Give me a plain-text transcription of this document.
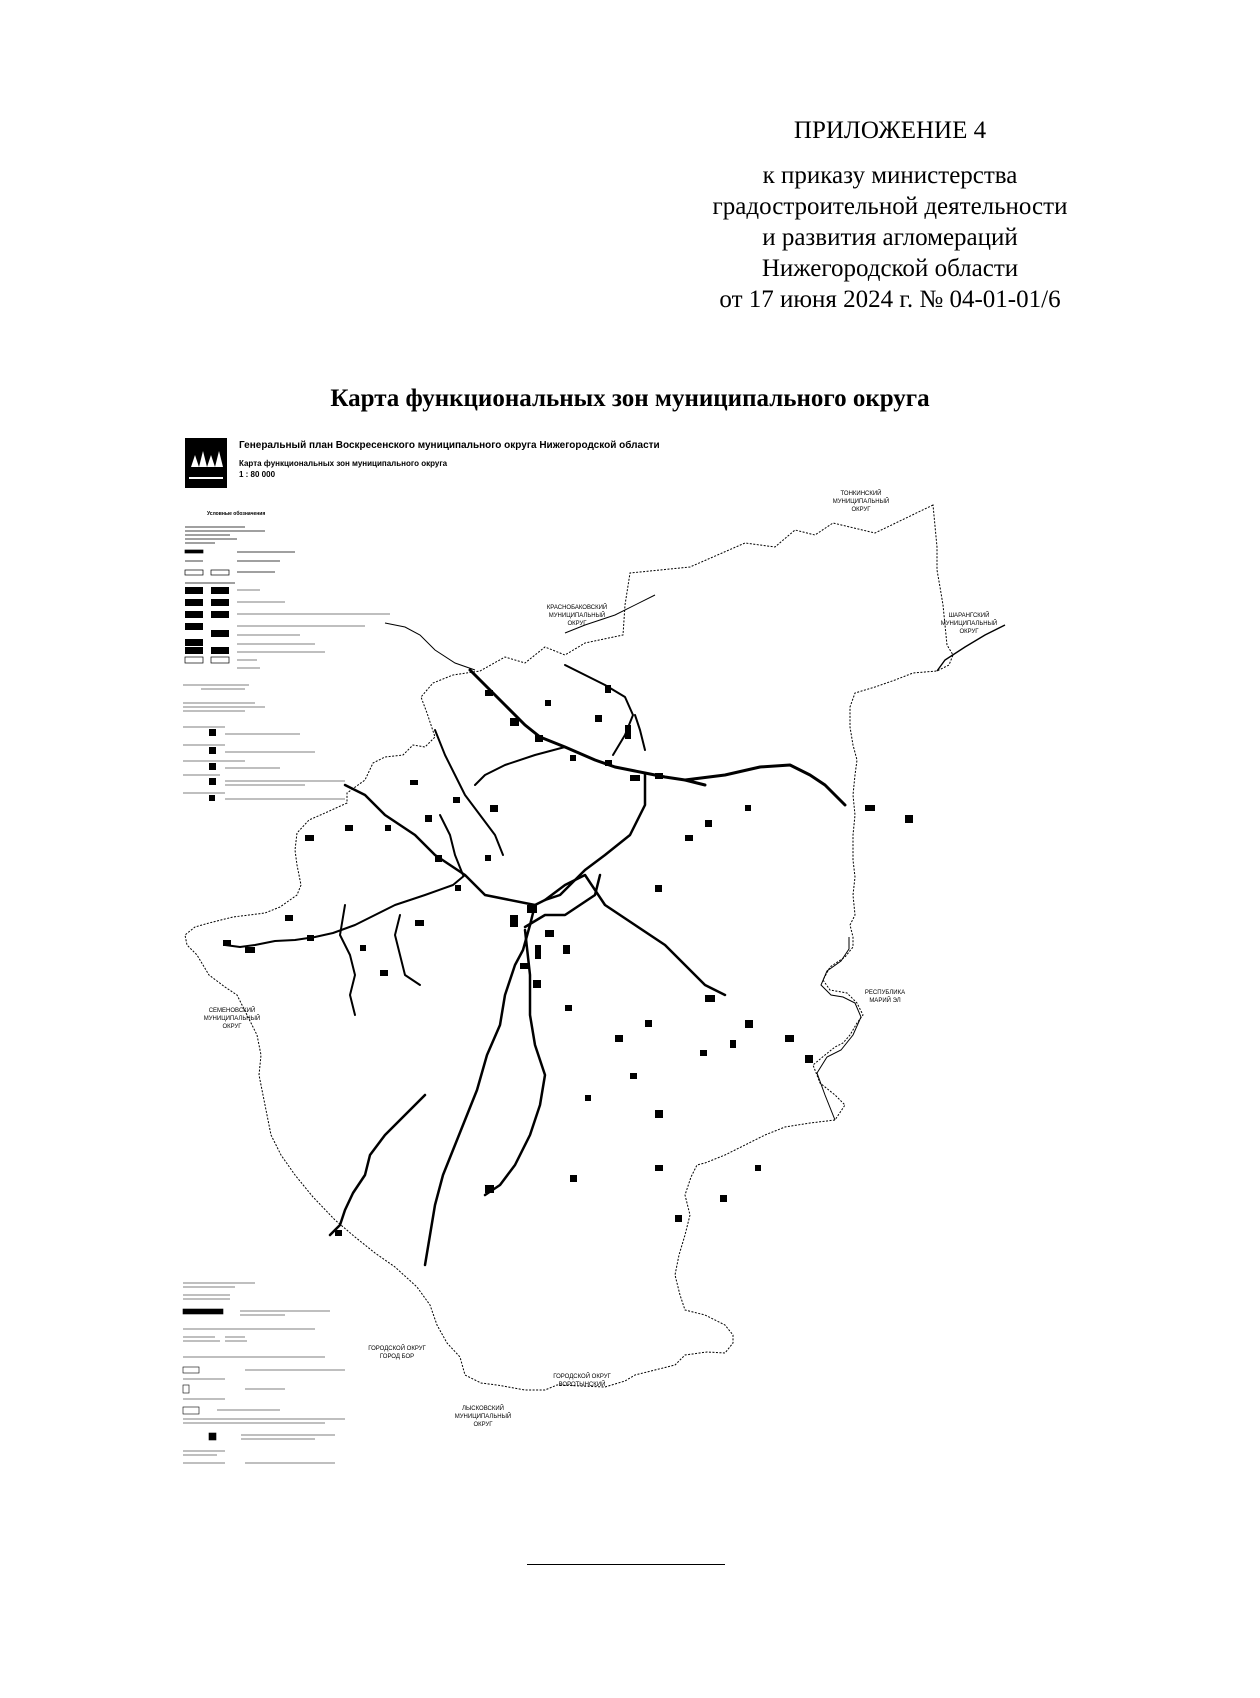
ПРИЛОЖЕНИЕ 4
к приказу министерства
градостроительной деятельности
и развития агломераций
Нижегородской области
от 17 июня 2024 г. № 04-01-01/6
Карта функциональных зон муниципального округа
Генеральный план Воскресенского муниципального округа Нижегородской области
Карта функциональных зон муниципального округа
1 : 80 000
Условные обозначения
ТОНКИНСКИЙ
МУНИЦИПАЛЬНЫЙ
ОКРУГ
КРАСНОБАКОВСКИЙ
МУНИЦИПАЛЬНЫЙ
ОКРУГ
ШАРАНГСКИЙ
МУНИЦИПАЛЬНЫЙ
ОКРУГ
РЕСПУБЛИКА
МАРИЙ ЭЛ
СЕМЕНОВСКИЙ
МУНИЦИПАЛЬНЫЙ
ОКРУГ
ГОРОДСКОЙ ОКРУГ
ГОРОД БОР
ЛЫСКОВСКИЙ
МУНИЦИПАЛЬНЫЙ
ОКРУГ
ГОРОДСКОЙ ОКРУГ
ВОРОТЫНСКИЙ
